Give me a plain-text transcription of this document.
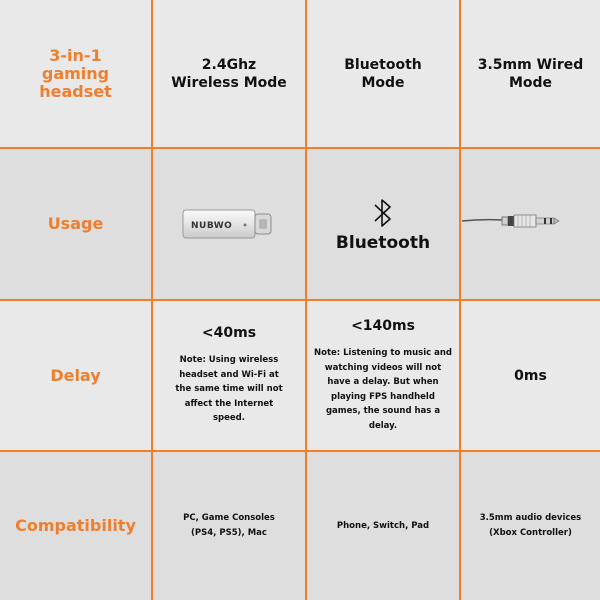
3-in-1
gaming headset
2.4Ghz Wireless Mode
Bluetooth Mode
3.5mm Wired Mode
Usage	NUBWO
Bluetooth
Delay
<40ms
Note: Using wireless headset and Wi-Fi at the same time will not affect the Internet speed.
<140ms
Note: Listening to music and watching videos will not have a delay. But when playing FPS handheld games, the sound has a delay.
0ms
Compatibility	PC, Game Consoles (PS4, PS5), Mac
Phone, Switch, Pad
3.5mm audio devices (Xbox Controller)
